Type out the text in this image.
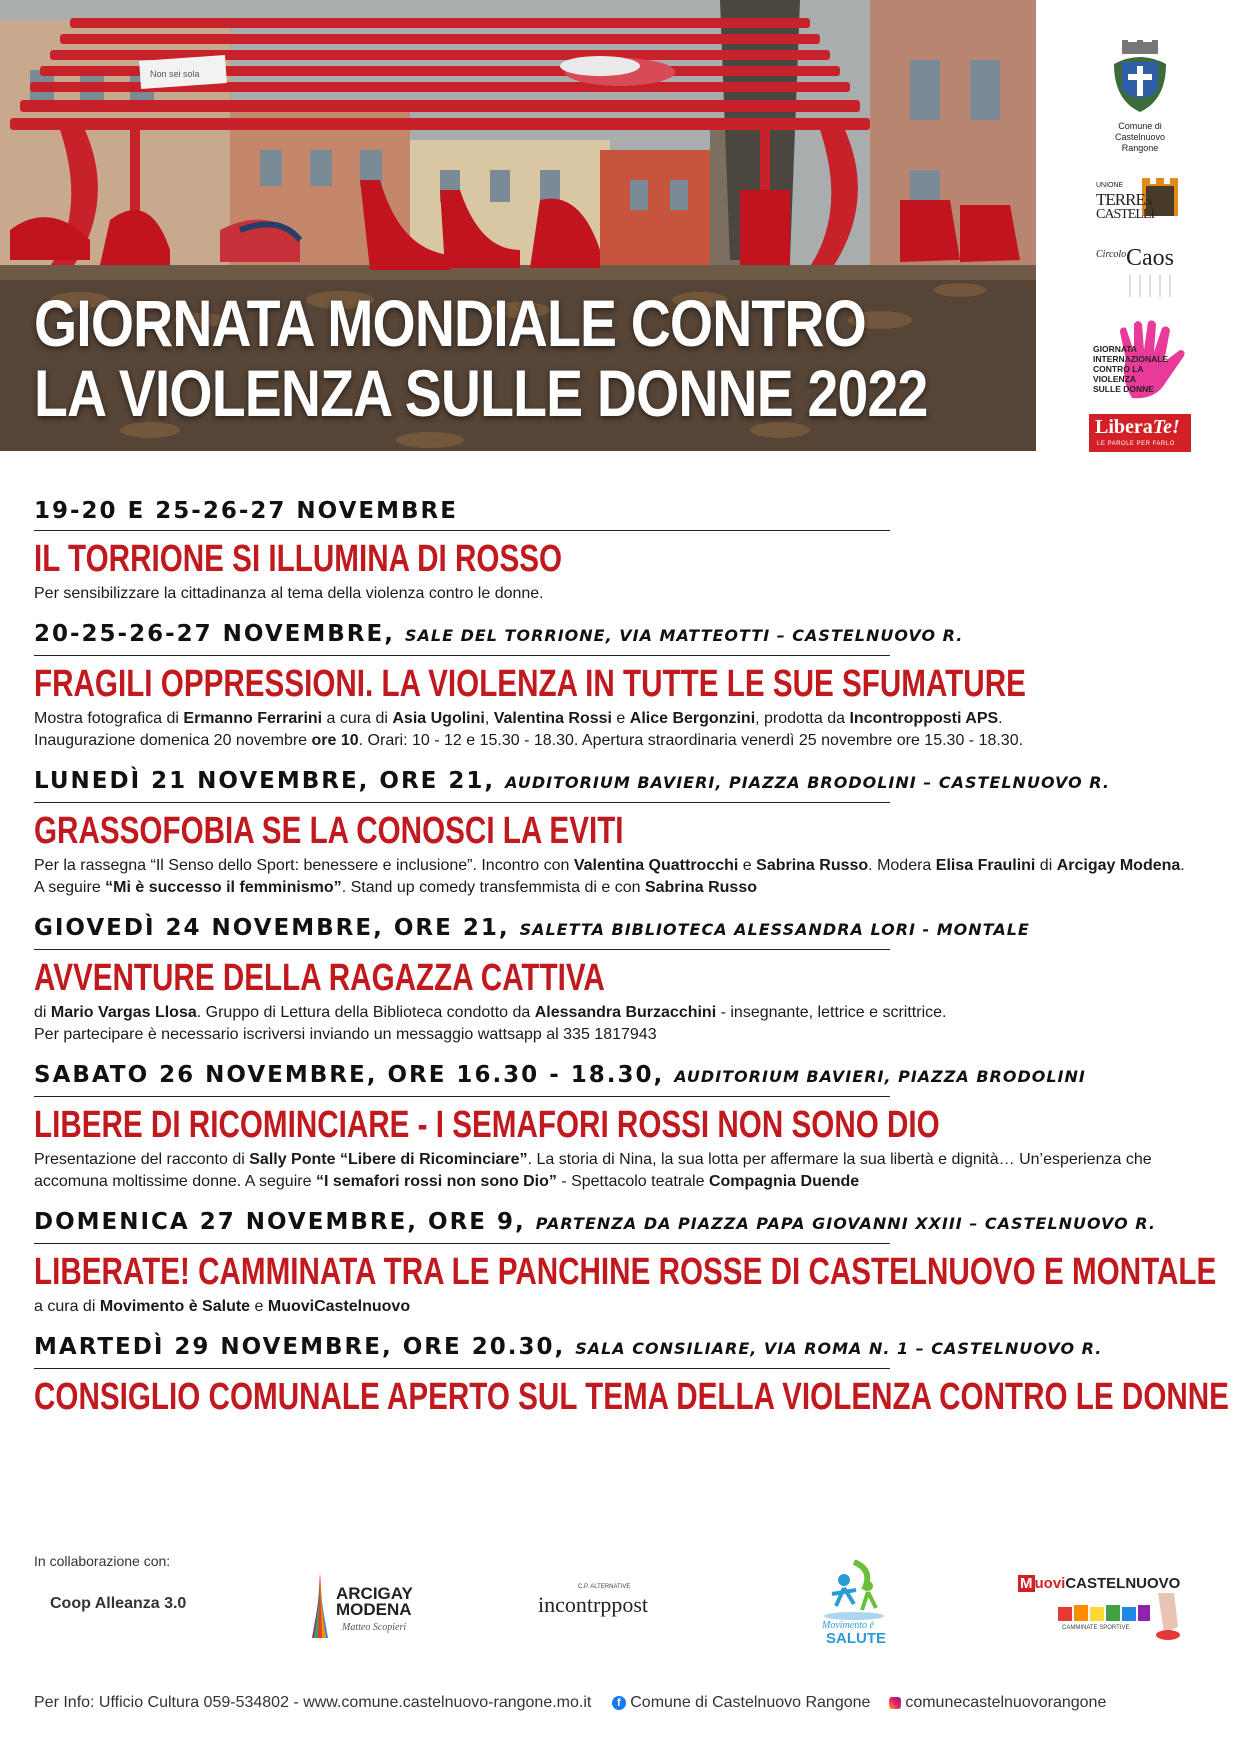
Non sei sola
GIORNATA MONDIALE CONTRO
LA VIOLENZA SULLE DONNE 2022
Comune di
Castelnuovo
Rangone
UNIONE
TERREDI
CASTELLI
Circolo Caos
GIORNATA
INTERNAZIONALE
CONTRO LA
VIOLENZA
SULLE DONNE
LiberaTe!
LE PAROLE PER FARLO
19-20 E 25-26-27 NOVEMBRE
IL TORRIONE SI ILLUMINA DI ROSSO
Per sensibilizzare la cittadinanza al tema della violenza contro le donne.
20-25-26-27 NOVEMBRE, SALE DEL TORRIONE, VIA MATTEOTTI – CASTELNUOVO R.
FRAGILI OPPRESSIONI. LA VIOLENZA IN TUTTE LE SUE SFUMATURE
Mostra fotografica di Ermanno Ferrarini a cura di Asia Ugolini, Valentina Rossi e Alice Bergonzini, prodotta da Incontropposti APS.
Inaugurazione domenica 20 novembre ore 10. Orari: 10 - 12 e 15.30 - 18.30. Apertura straordinaria venerdì 25 novembre ore 15.30 - 18.30.
LUNEDÌ 21 NOVEMBRE, ORE 21, AUDITORIUM BAVIERI, PIAZZA BRODOLINI – CASTELNUOVO R.
GRASSOFOBIA SE LA CONOSCI LA EVITI
Per la rassegna “Il Senso dello Sport: benessere e inclusione”. Incontro con Valentina Quattrocchi e Sabrina Russo. Modera Elisa Fraulini di Arcigay Modena. A seguire “Mi è successo il femminismo”. Stand up comedy transfemmista di e con Sabrina Russo
GIOVEDÌ 24 NOVEMBRE, ORE 21, SALETTA BIBLIOTECA ALESSANDRA LORI - MONTALE
AVVENTURE DELLA RAGAZZA CATTIVA
di Mario Vargas Llosa. Gruppo di Lettura della Biblioteca condotto da Alessandra Burzacchini - insegnante, lettrice e scrittrice.
Per partecipare è necessario iscriversi inviando un messaggio wattsapp al 335 1817943
SABATO 26 NOVEMBRE, ORE 16.30 - 18.30, AUDITORIUM BAVIERI, PIAZZA BRODOLINI
LIBERE DI RICOMINCIARE - I SEMAFORI ROSSI NON SONO DIO
Presentazione del racconto di Sally Ponte “Libere di Ricominciare”. La storia di Nina, la sua lotta per affermare la sua libertà e dignità… Un’esperienza che accomuna moltissime donne. A seguire “I semafori rossi non sono Dio” - Spettacolo teatrale Compagnia Duende
DOMENICA 27 NOVEMBRE, ORE 9, PARTENZA DA PIAZZA PAPA GIOVANNI XXIII – CASTELNUOVO R.
LIBERATE! CAMMINATA TRA LE PANCHINE ROSSE DI CASTELNUOVO E MONTALE
a cura di Movimento è Salute e MuoviCastelnuovo
MARTEDÌ 29 NOVEMBRE, ORE 20.30, SALA CONSILIARE, VIA ROMA N. 1 – CASTELNUOVO R.
CONSIGLIO COMUNALE APERTO SUL TEMA DELLA VIOLENZA CONTRO LE DONNE
In collaborazione con:
Coop Alleanza 3.0
ARCIGAY
MODENA
Matteo Scopieri
C.P. ALTERNATIVE
incontrppost
Movimento è
SALUTE
M uoviCASTELNUOVO
CAMMINATE SPORTIVE
Per Info: Ufficio Cultura 059-534802 - www.comune.castelnuovo-rangone.mo.it f Comune di Castelnuovo Rangone comunecastelnuovorangone
